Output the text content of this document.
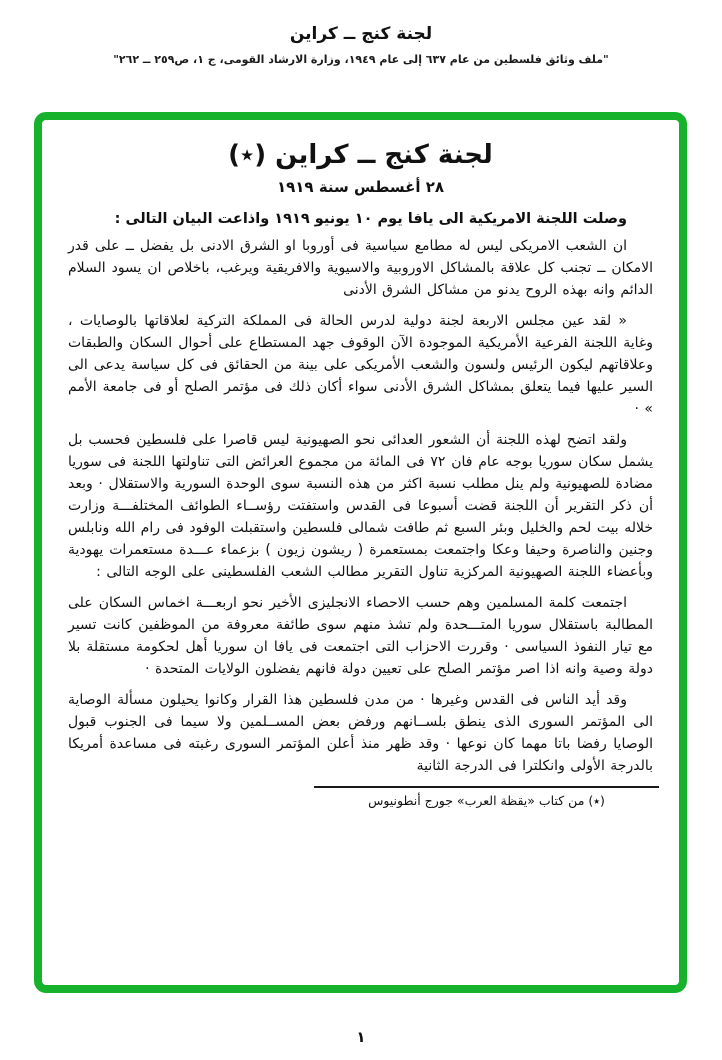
لجنة كنج ــ كراين
"ملف وثائق فلسطين من عام ٦٣٧ إلى عام ١٩٤٩، وزارة الارشاد القومى، ج ١، ص٢٥٩ ــ ٢٦٢"
لجنة كنج ــ كراين (٭)
٢٨ أغسطس سنة ١٩١٩

وصلت اللجنة الامريكية الى يافا يوم ١٠ يونيو ١٩١٩ واذاعت البيان التالى :

ان الشعب الامريكى ليس له مطامع سياسية فى أوروبا او الشرق الادنى بل يفضل ــ على قدر الامكان ــ تجنب كل علاقة بالمشاكل الاوروبية والاسيوية والافريقية ويرغب، باخلاص ان يسود السلام الدائم وانه بهذه الروح يدنو من مشاكل الشرق الأدنى

« لقد عين مجلس الاربعة لجنة دولية لدرس الحالة فى المملكة التركية لعلاقاتها بالوصايات ، وغاية اللجنة الفرعية الأمريكية الموجودة الآن الوقوف جهد المستطاع على أحوال السكان والطبقات وعلاقاتهم ليكون الرئيس ولسون والشعب الأمريكى على بينة من الحقائق فى كل سياسة يدعى الى السير عليها فيما يتعلق بمشاكل الشرق الأدنى سواء أكان ذلك فى مؤتمر الصلح أو فى جامعة الأمم » ·

ولقد اتضح لهذه اللجنة أن الشعور العدائى نحو الصهيونية ليس قاصرا على فلسطين فحسب بل يشمل سكان سوريا بوجه عام فان ٧٢ فى المائة من مجموع العرائض التى تناولتها اللجنة فى سوريا مضادة للصهيونية ولم ينل مطلب نسبة اكثر من هذه النسبة سوى الوحدة السورية والاستقلال · وبعد أن ذكر التقرير أن اللجنة قضت أسبوعا فى القدس واستفتت رؤســاء الطوائف المختلفـــة وزارت خلاله بيت لحم والخليل وبئر السبع ثم طافت شمالى فلسطين واستقبلت الوفود فى رام الله ونابلس وجنين والناصرة وحيفا وعكا واجتمعت بمستعمرة ( ريشون زيون ) بزعماء عـــدة مستعمرات يهودية وبأعضاء اللجنة الصهيونية المركزية تناول التقرير مطالب الشعب الفلسطينى على الوجه التالى :

اجتمعت كلمة المسلمين وهم حسب الاحصاء الانجليزى الأخير نحو اربعـــة اخماس السكان على المطالبة باستقلال سوريا المتـــحدة ولم تشذ منهم سوى طائفة معروفة من الموظفين كانت تسير مع تيار النفوذ السياسى · وقررت الاحزاب التى اجتمعت فى يافا ان سوريا أهل لحكومة مستقلة بلا دولة وصية وانه اذا اصر مؤتمر الصلح على تعيين دولة فانهم يفضلون الولايات المتحدة ·

وقد أيد الناس فى القدس وغيرها · من مدن فلسطين هذا القرار وكانوا يحيلون مسألة الوصاية الى المؤتمر السورى الذى ينطق بلســانهم ورفض بعض المســلمين ولا سيما فى الجنوب قبول الوصايا رفضا باتا مهما كان نوعها · وقد ظهر منذ أعلن المؤتمر السورى رغبته فى مساعدة أمريكا بالدرجة الأولى وانكلترا فى الدرجة الثانية

(٭) من كتاب «يقظة العرب» جورج أنطونيوس
١
